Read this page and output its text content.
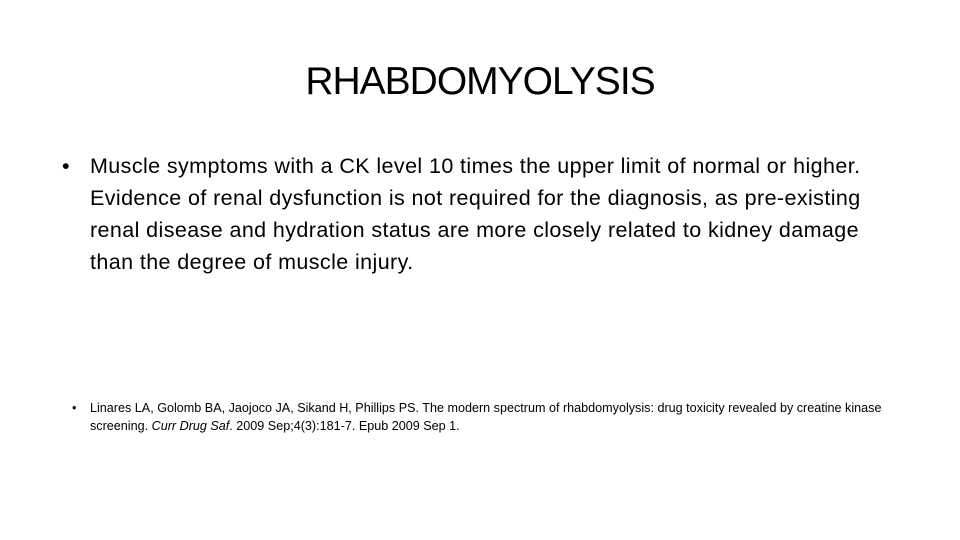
RHABDOMYOLYSIS
• Muscle symptoms with a CK level 10 times the upper limit of normal or higher. Evidence of renal dysfunction is not required for the diagnosis, as pre-existing renal disease and hydration status are more closely related to kidney damage than the degree of muscle injury.
•	Linares LA, Golomb BA, Jaojoco JA, Sikand H, Phillips PS. The modern spectrum of rhabdomyolysis: drug toxicity revealed by creatine kinase screening. Curr Drug Saf. 2009 Sep;4(3):181-7. Epub 2009 Sep 1.
